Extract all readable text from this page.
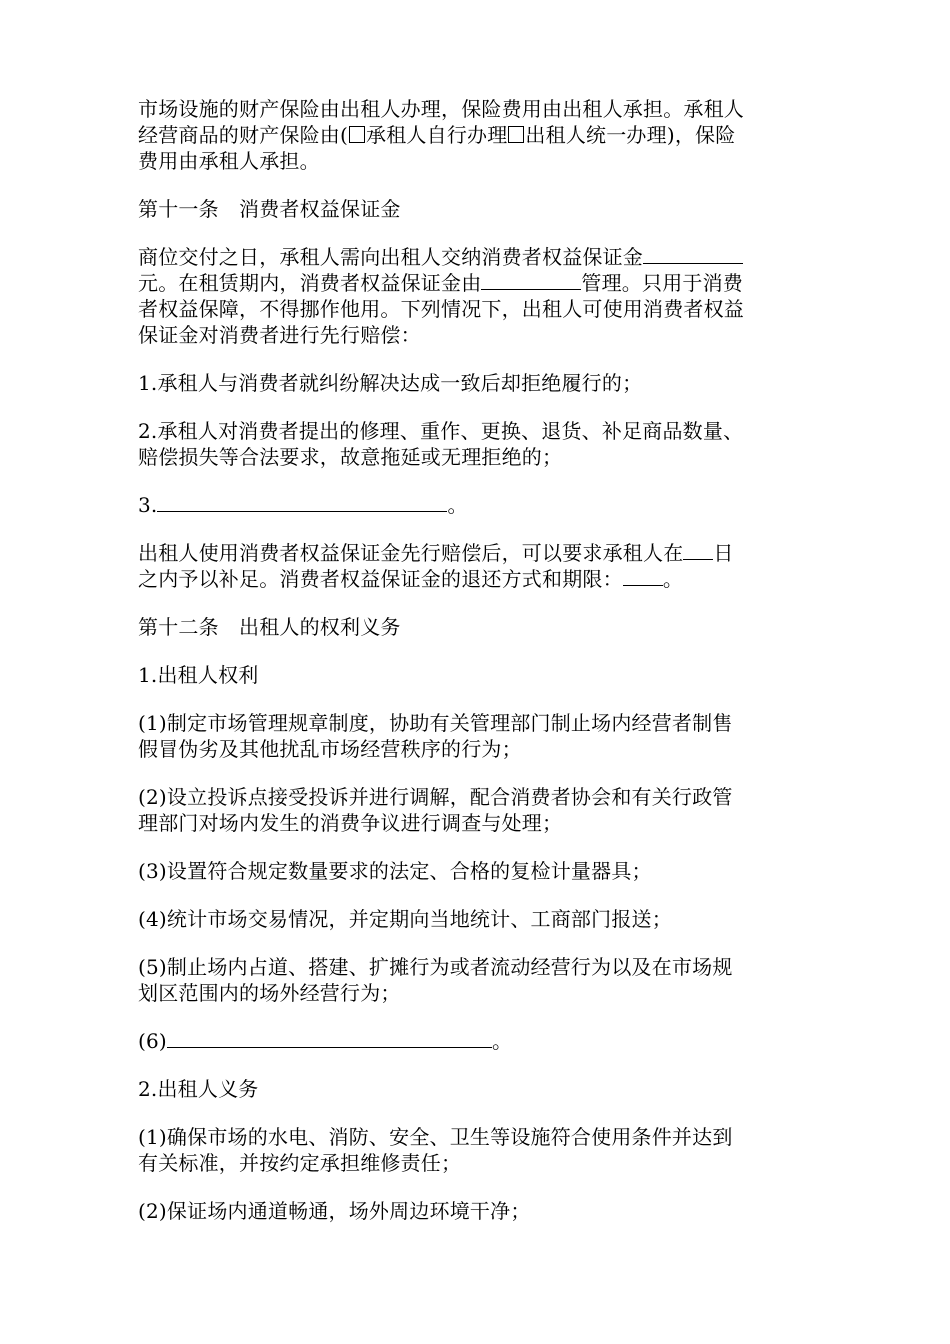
市场设施的财产保险由出租人办理，保险费用由出租人承担。承租人
经营商品的财产保险由( 承租人自行办理 出租人统一办理)，保险
费用由承租人承担。

第十一条　消费者权益保证金

商位交付之日，承租人需向出租人交纳消费者权益保证金
元。在租赁期内，消费者权益保证金由	管理。只用于消费
者权益保障，不得挪作他用。下列情况下，出租人可使用消费者权益
保证金对消费者进行先行赔偿：

1.承租人与消费者就纠纷解决达成一致后却拒绝履行的；

2.承租人对消费者提出的修理、重作、更换、退货、补足商品数量、
赔偿损失等合法要求，故意拖延或无理拒绝的；

3.	。

出租人使用消费者权益保证金先行赔偿后，可以要求承租人在 日
之内予以补足。消费者权益保证金的退还方式和期限： 。

第十二条　出租人的权利义务

1.出租人权利

(1)制定市场管理规章制度，协助有关管理部门制止场内经营者制售
假冒伪劣及其他扰乱市场经营秩序的行为；

(2)设立投诉点接受投诉并进行调解，配合消费者协会和有关行政管
理部门对场内发生的消费争议进行调查与处理；

(3)设置符合规定数量要求的法定、合格的复检计量器具；

(4)统计市场交易情况，并定期向当地统计、工商部门报送；

(5)制止场内占道、搭建、扩摊行为或者流动经营行为以及在市场规
划区范围内的场外经营行为；

(6)	。

2.出租人义务

(1)确保市场的水电、消防、安全、卫生等设施符合使用条件并达到
有关标准，并按约定承担维修责任；

(2)保证场内通道畅通，场外周边环境干净；
